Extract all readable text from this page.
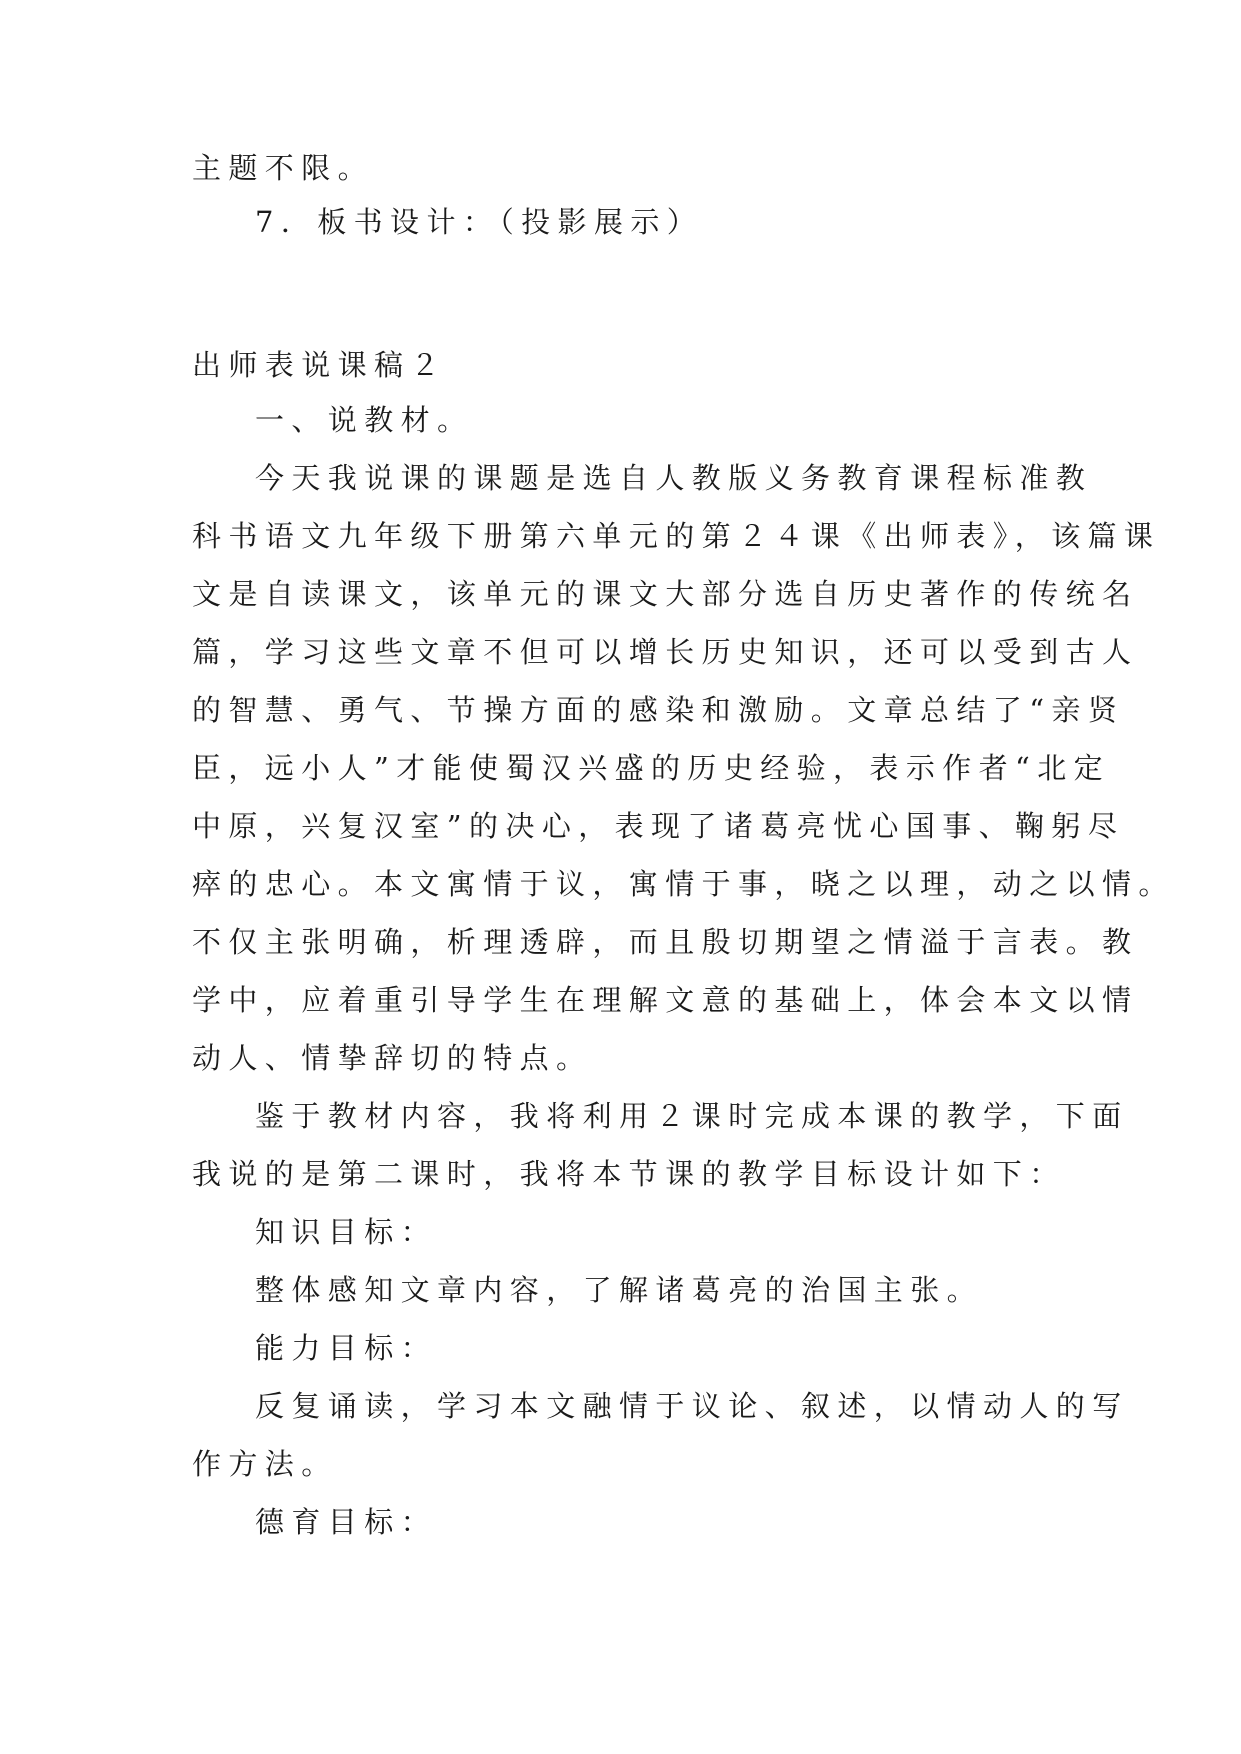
主题不限。
7．板书设计：（投影展示）
出师表说课稿２
一、说教材。
今天我说课的课题是选自人教版义务教育课程标准教
科书语文九年级下册第六单元的第２４课《出师表》，该篇课
文是自读课文，该单元的课文大部分选自历史著作的传统名
篇，学习这些文章不但可以增长历史知识，还可以受到古人
的智慧、勇气、节操方面的感染和激励。文章总结了“亲贤
臣，远小人”才能使蜀汉兴盛的历史经验，表示作者“北定
中原，兴复汉室”的决心，表现了诸葛亮忧心国事、鞠躬尽
瘁的忠心。本文寓情于议，寓情于事，晓之以理，动之以情。
不仅主张明确，析理透辟，而且殷切期望之情溢于言表。教
学中，应着重引导学生在理解文意的基础上，体会本文以情
动人、情挚辞切的特点。
鉴于教材内容，我将利用２课时完成本课的教学，下面
我说的是第二课时，我将本节课的教学目标设计如下：
知识目标：
整体感知文章内容，了解诸葛亮的治国主张。
能力目标：
反复诵读，学习本文融情于议论、叙述，以情动人的写
作方法。
德育目标：
